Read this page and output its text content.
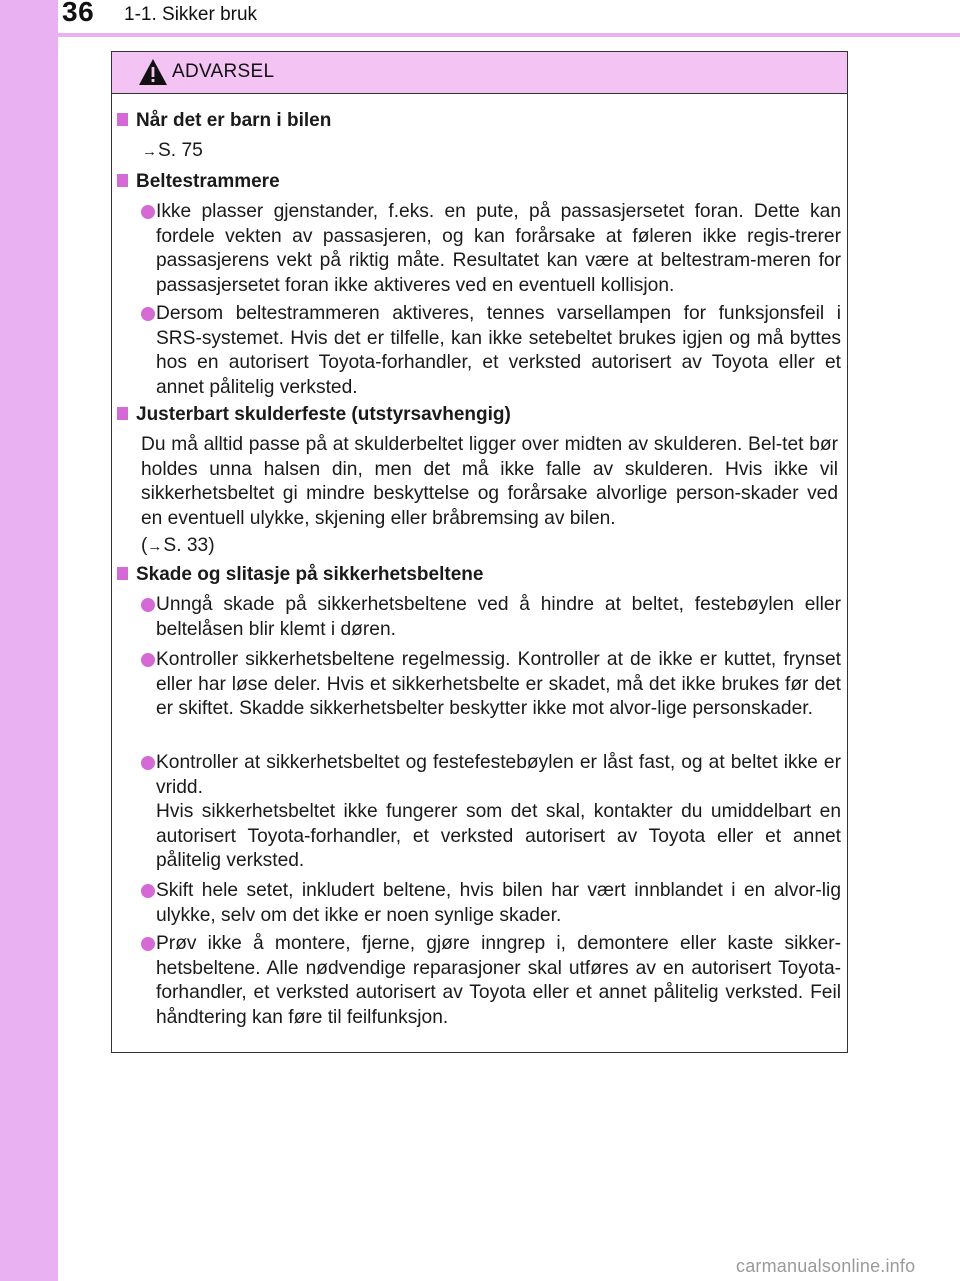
36 1-1. Sikker bruk
ADVARSEL
Når det er barn i bilen
→S. 75
Beltestrammere
Ikke plasser gjenstander, f.eks. en pute, på passasjersetet foran. Dette kan fordele vekten av passasjeren, og kan forårsake at føleren ikke regis-trerer passasjerens vekt på riktig måte. Resultatet kan være at beltestram-meren for passasjersetet foran ikke aktiveres ved en eventuell kollisjon.
Dersom beltestrammeren aktiveres, tennes varsellampen for funksjonsfeil i SRS-systemet. Hvis det er tilfelle, kan ikke setebeltet brukes igjen og må byttes hos en autorisert Toyota-forhandler, et verksted autorisert av Toyota eller et annet pålitelig verksted.
Justerbart skulderfeste (utstyrsavhengig)
Du må alltid passe på at skulderbeltet ligger over midten av skulderen. Bel-tet bør holdes unna halsen din, men det må ikke falle av skulderen. Hvis ikke vil sikkerhetsbeltet gi mindre beskyttelse og forårsake alvorlige person-skader ved en eventuell ulykke, skjening eller bråbremsing av bilen.
(→S. 33)
Skade og slitasje på sikkerhetsbeltene
Unngå skade på sikkerhetsbeltene ved å hindre at beltet, festebøylen eller beltelåsen blir klemt i døren.
Kontroller sikkerhetsbeltene regelmessig. Kontroller at de ikke er kuttet, frynset eller har løse deler. Hvis et sikkerhetsbelte er skadet, må det ikke brukes før det er skiftet. Skadde sikkerhetsbelter beskytter ikke mot alvor-lige personskader.
Kontroller at sikkerhetsbeltet og festefestebøylen er låst fast, og at beltet ikke er vridd.
Hvis sikkerhetsbeltet ikke fungerer som det skal, kontakter du umiddelbart en autorisert Toyota-forhandler, et verksted autorisert av Toyota eller et annet pålitelig verksted.
Skift hele setet, inkludert beltene, hvis bilen har vært innblandet i en alvor-lig ulykke, selv om det ikke er noen synlige skader.
Prøv ikke å montere, fjerne, gjøre inngrep i, demontere eller kaste sikker-hetsbeltene. Alle nødvendige reparasjoner skal utføres av en autorisert Toyota-forhandler, et verksted autorisert av Toyota eller et annet pålitelig verksted. Feil håndtering kan føre til feilfunksjon.
carmanualsonline.info
